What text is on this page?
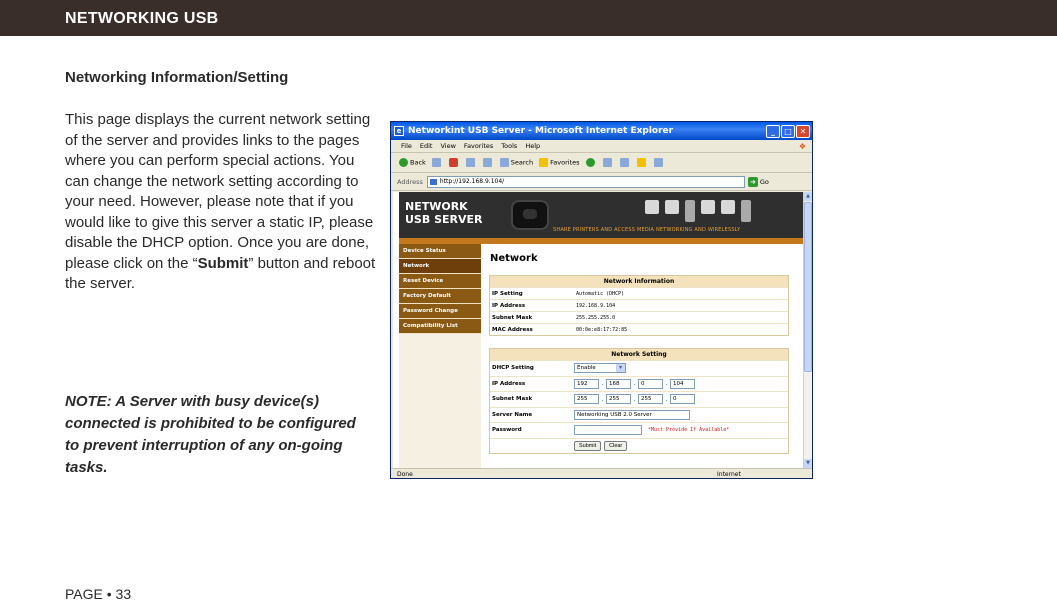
NETWORKING USB
Networking Information/Setting
This page displays the current network setting of the server and provides links to the pages where you can perform special actions. You can change the network setting according to your need. However, please note that if you would like to give this server a static IP, please disable the DHCP option. Once you are done, please click on the “Submit” button and reboot the server.
NOTE: A Server with busy device(s) connected is prohibited to be configured to prevent interruption of any on-going tasks.
PAGE • 33
e Networkint USB Server - Microsoft Internet Explorer	_	□ ✕
File Edit View Favorites Tools Help	❖
Back	Search	Favorites
Address	http://192.168.9.104/	➜ Go
NETWORK
USB SERVER
SHARE PRINTERS AND ACCESS MEDIA NETWORKING AND WIRELESSLY
Device Status
Network
Reset Device
Factory Default
Password Change
Compatibility List
Network
Network Information
IP Setting	Automatic (DHCP)
IP Address	192.168.9.104
Subnet Mask	255.255.255.0
MAC Address	00:0e:e8:17:72:85
Network Setting
DHCP Setting	Enable ▾
IP Address	192	.	168	.	0	.	104
Subnet Mask	255	.	255	.	255	.	0
Server Name	Networking USB 2.0 Server
Password	*Must Provide If Available*
Submit	Clear
▲
▼
Done	Internet
